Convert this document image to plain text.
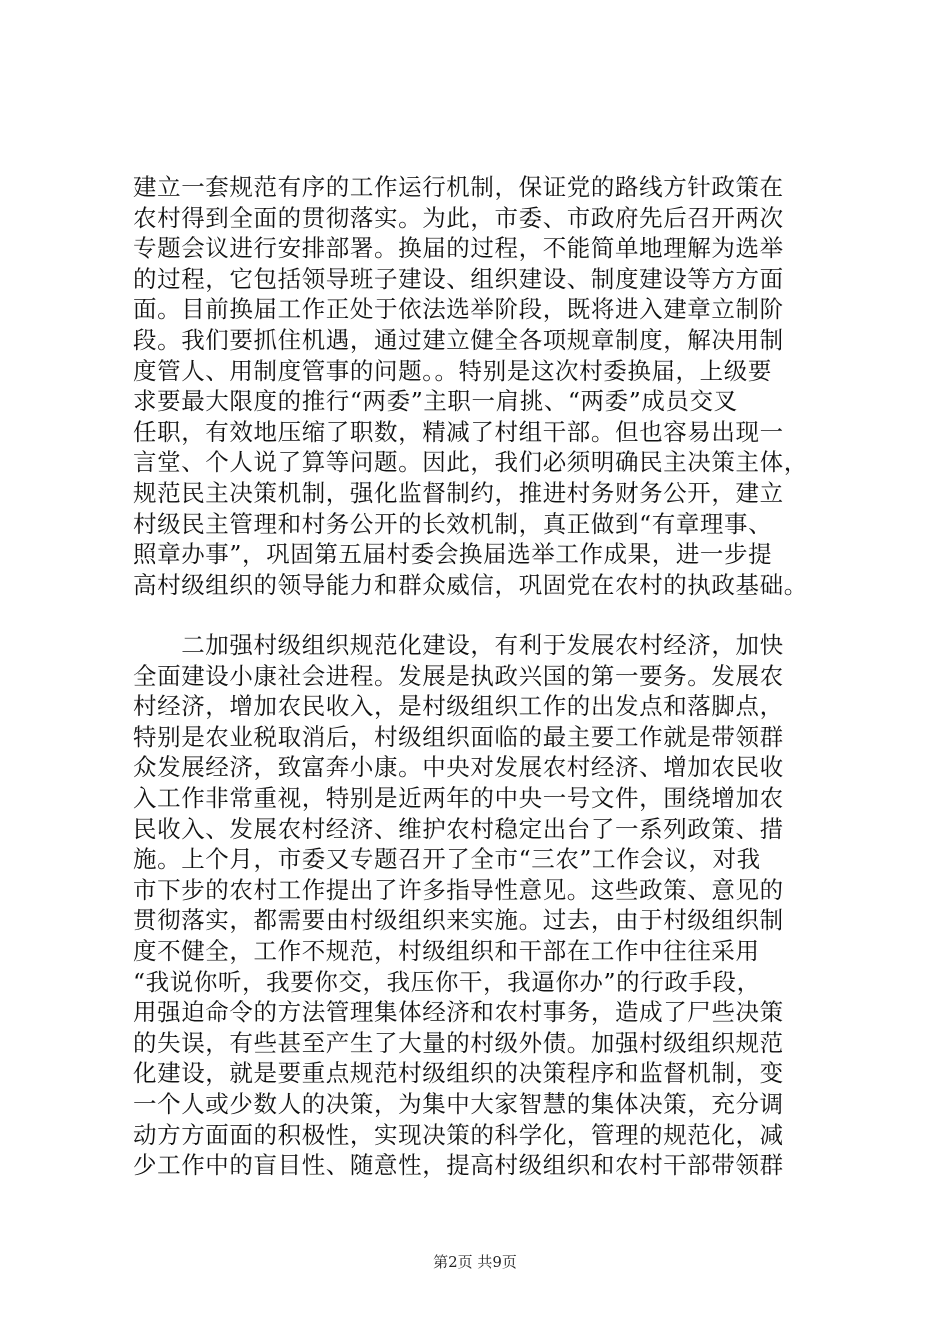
建立一套规范有序的工作运行机制，保证党的路线方针政策在
农村得到全面的贯彻落实。为此，市委、市政府先后召开两次
专题会议进行安排部署。换届的过程，不能简单地理解为选举
的过程，它包括领导班子建设、组织建设、制度建设等方方面
面。目前换届工作正处于依法选举阶段，既将进入建章立制阶
段。我们要抓住机遇，通过建立健全各项规章制度，解决用制
度管人、用制度管事的问题。。特别是这次村委换届，上级要
求要最大限度的推行“两委”主职一肩挑、“两委”成员交叉
任职，有效地压缩了职数，精减了村组干部。但也容易出现一
言堂、个人说了算等问题。因此，我们必须明确民主决策主体，
规范民主决策机制，强化监督制约，推进村务财务公开，建立
村级民主管理和村务公开的长效机制，真正做到“有章理事、
照章办事”，巩固第五届村委会换届选举工作成果，进一步提
高村级组织的领导能力和群众威信，巩固党在农村的执政基础。
　　二加强村级组织规范化建设，有利于发展农村经济，加快
全面建设小康社会进程。发展是执政兴国的第一要务。发展农
村经济，增加农民收入，是村级组织工作的出发点和落脚点，
特别是农业税取消后，村级组织面临的最主要工作就是带领群
众发展经济，致富奔小康。中央对发展农村经济、增加农民收
入工作非常重视，特别是近两年的中央一号文件，围绕增加农
民收入、发展农村经济、维护农村稳定出台了一系列政策、措
施。上个月，市委又专题召开了全市“三农”工作会议，对我
市下步的农村工作提出了许多指导性意见。这些政策、意见的
贯彻落实，都需要由村级组织来实施。过去，由于村级组织制
度不健全，工作不规范，村级组织和干部在工作中往往采用
“我说你听，我要你交，我压你干，我逼你办”的行政手段，
用强迫命令的方法管理集体经济和农村事务，造成了尸些决策
的失误，有些甚至产生了大量的村级外债。加强村级组织规范
化建设，就是要重点规范村级组织的决策程序和监督机制，变
一个人或少数人的决策，为集中大家智慧的集体决策，充分调
动方方面面的积极性，实现决策的科学化，管理的规范化，减
少工作中的盲目性、随意性，提高村级组织和农村干部带领群
第2页 共9页
